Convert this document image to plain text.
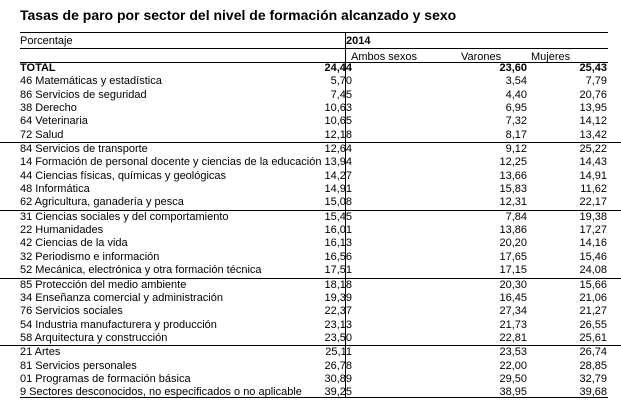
Tasas de paro por sector del nivel de formación alcanzado y sexo
Porcentaje	2014
Ambos sexos	Varones	Mujeres
TOTAL	24,44	23,60	25,43
46 Matemáticas y estadística	5,70	3,54	7,79
86 Servicios de seguridad	7,45	4,40	20,76
38 Derecho	10,63	6,95	13,95
64 Veterinaria	10,65	7,32	14,12
72 Salud	12,18	8,17	13,42
84 Servicios de transporte	12,64	9,12	25,22
14 Formación de personal docente y ciencias de la educación 13,94	12,25	14,43
44 Ciencias físicas, químicas y geológicas	14,27	13,66	14,91
48 Informática	14,91	15,83	11,62
62 Agricultura, ganadería y pesca	15,08	12,31	22,17
31 Ciencias sociales y del comportamiento	15,45	7,84	19,38
22 Humanidades	16,01	13,86	17,27
42 Ciencias de la vida	16,13	20,20	14,16
32 Periodismo e información	16,56	17,65	15,46
52 Mecánica, electrónica y otra formación técnica	17,51	17,15	24,08
85 Protección del medio ambiente	18,18	20,30	15,66
34 Enseñanza comercial y administración	19,39	16,45	21,06
76 Servicios sociales	22,37	27,34	21,27
54 Industria manufacturera y producción	23,13	21,73	26,55
58 Arquitectura y construcción	23,50	22,81	25,61
21 Artes	25,11	23,53	26,74
81 Servicios personales	26,78	22,00	28,85
01 Programas de formación básica	30,89	29,50	32,79
9 Sectores desconocidos, no especificados o no aplicable 39,25	38,95	39,68
